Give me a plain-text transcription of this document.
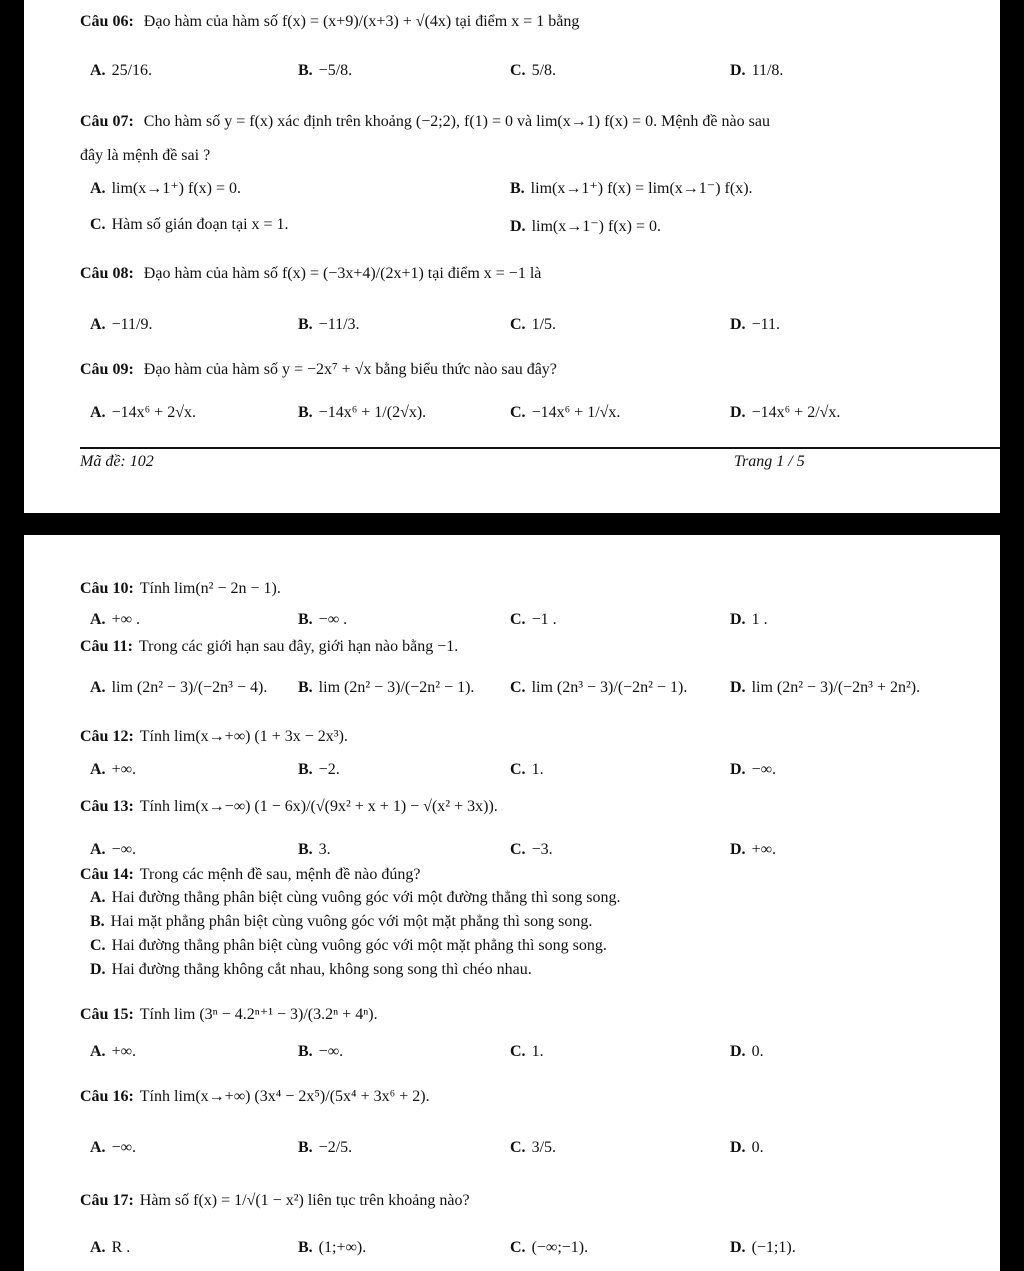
Câu 06: Đạo hàm của hàm số f(x) = (x+9)/(x+3) + √(4x) tại điểm x = 1 bằng
A. 25/16.	B. −5/8.	C. 5/8.	D. 11/8.
Câu 07: Cho hàm số y = f(x) xác định trên khoảng (−2;2), f(1) = 0 và lim(x→1) f(x) = 0. Mệnh đề nào sau
đây là mệnh đề sai ?
A. lim(x→1⁺) f(x) = 0.	B. lim(x→1⁺) f(x) = lim(x→1⁻) f(x).
C. Hàm số gián đoạn tại x = 1.	D. lim(x→1⁻) f(x) = 0.
Câu 08: Đạo hàm của hàm số f(x) = (−3x+4)/(2x+1) tại điểm x = −1 là
A. −11/9.	B. −11/3.	C. 1/5.	D. −11.
Câu 09: Đạo hàm của hàm số y = −2x⁷ + √x bằng biểu thức nào sau đây?
A. −14x⁶ + 2√x.	B. −14x⁶ + 1/(2√x).	C. −14x⁶ + 1/√x.	D. −14x⁶ + 2/√x.
Mã đề: 102	Trang 1 / 5
Câu 10: Tính lim(n² − 2n − 1).
A. +∞ .	B. −∞ .	C. −1 .	D. 1 .
Câu 11: Trong các giới hạn sau đây, giới hạn nào bằng −1.
A. lim (2n² − 3)/(−2n³ − 4). B. lim (2n² − 3)/(−2n² − 1). C. lim (2n³ − 3)/(−2n² − 1).	D. lim (2n² − 3)/(−2n³ + 2n²).
Câu 12: Tính lim(x→+∞) (1 + 3x − 2x³).
A. +∞.	B. −2.	C. 1.	D. −∞.
Câu 13: Tính lim(x→−∞) (1 − 6x)/(√(9x² + x + 1) − √(x² + 3x)).
A. −∞.	B. 3.	C. −3.	D. +∞.
Câu 14: Trong các mệnh đề sau, mệnh đề nào đúng?
A. Hai đường thẳng phân biệt cùng vuông góc với một đường thẳng thì song song.
B. Hai mặt phẳng phân biệt cùng vuông góc với một mặt phẳng thì song song.
C. Hai đường thẳng phân biệt cùng vuông góc với một mặt phẳng thì song song.
D. Hai đường thẳng không cắt nhau, không song song thì chéo nhau.
Câu 15: Tính lim (3ⁿ − 4.2ⁿ⁺¹ − 3)/(3.2ⁿ + 4ⁿ).
A. +∞.	B. −∞.	C. 1.	D. 0.
Câu 16: Tính lim(x→+∞) (3x⁴ − 2x⁵)/(5x⁴ + 3x⁶ + 2).
A. −∞.	B. −2/5.	C. 3/5.	D. 0.
Câu 17: Hàm số f(x) = 1/√(1 − x²) liên tục trên khoảng nào?
A. R .	B. (1;+∞).	C. (−∞;−1).	D. (−1;1).
